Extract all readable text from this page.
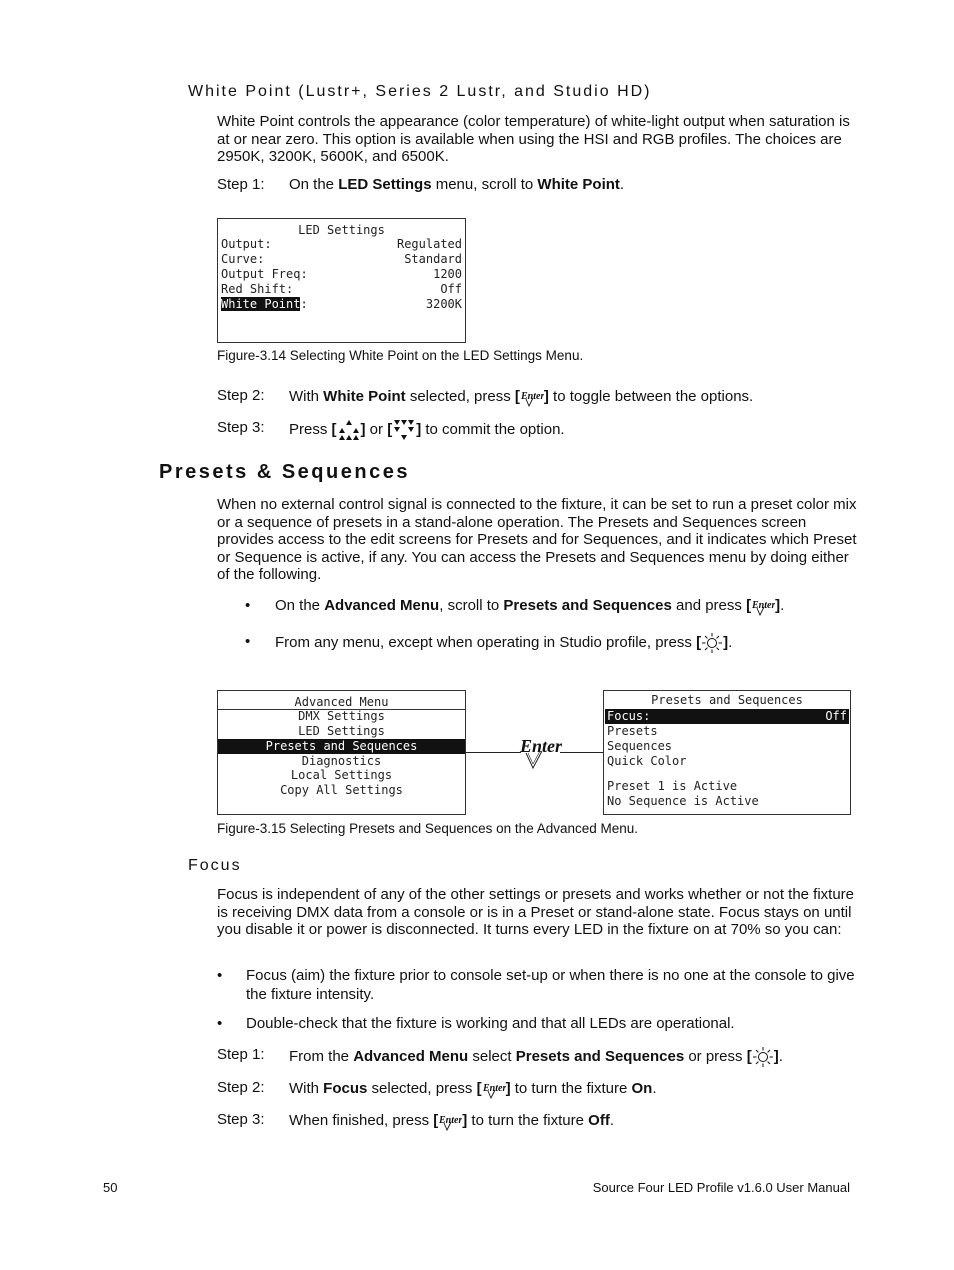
White Point (Lustr+, Series 2 Lustr, and Studio HD)
White Point controls the appearance (color temperature) of white-light output when saturation is at or near zero. This option is available when using the HSI and RGB profiles. The choices are 2950K, 3200K, 5600K, and 6500K.
Step 1: On the LED Settings menu, scroll to White Point.
LED Settings
Output:	Regulated
Curve:	Standard
Output Freq:	1200
Red Shift:	Off
White Point:	3200K
Figure-3.14 Selecting White Point on the LED Settings Menu.
Step 2: With White Point selected, press [ Enter ] to toggle between the options.
Step 3: Press [ ] or [ ] to commit the option.
Presets & Sequences
When no external control signal is connected to the fixture, it can be set to run a preset color mix or a sequence of presets in a stand-alone operation. The Presets and Sequences screen provides access to the edit screens for Presets and for Sequences, and it indicates which Preset or Sequence is active, if any. You can access the Presets and Sequences menu by doing either of the following.
• On the Advanced Menu, scroll to Presets and Sequences and press [ Enter ].
• From any menu, except when operating in Studio profile, press [ ].
Advanced Menu
DMX Settings
LED Settings
Presets and Sequences
Diagnostics
Local Settings
Copy All Settings
Enter
Presets and Sequences
Focus:	Off
Presets
Sequences
Quick Color
Preset 1 is Active
No Sequence is Active
Figure-3.15 Selecting Presets and Sequences on the Advanced Menu.
Focus
Focus is independent of any of the other settings or presets and works whether or not the fixture is receiving DMX data from a console or is in a Preset or stand-alone state. Focus stays on until you disable it or power is disconnected. It turns every LED in the fixture on at 70% so you can:
• Focus (aim) the fixture prior to console set-up or when there is no one at the console to give the fixture intensity.
• Double-check that the fixture is working and that all LEDs are operational.
Step 1: From the Advanced Menu select Presets and Sequences or press [ ].
Step 2: With Focus selected, press [ Enter ] to turn the fixture On.
Step 3: When finished, press [ Enter ] to turn the fixture Off.
50	Source Four LED Profile v1.6.0 User Manual
